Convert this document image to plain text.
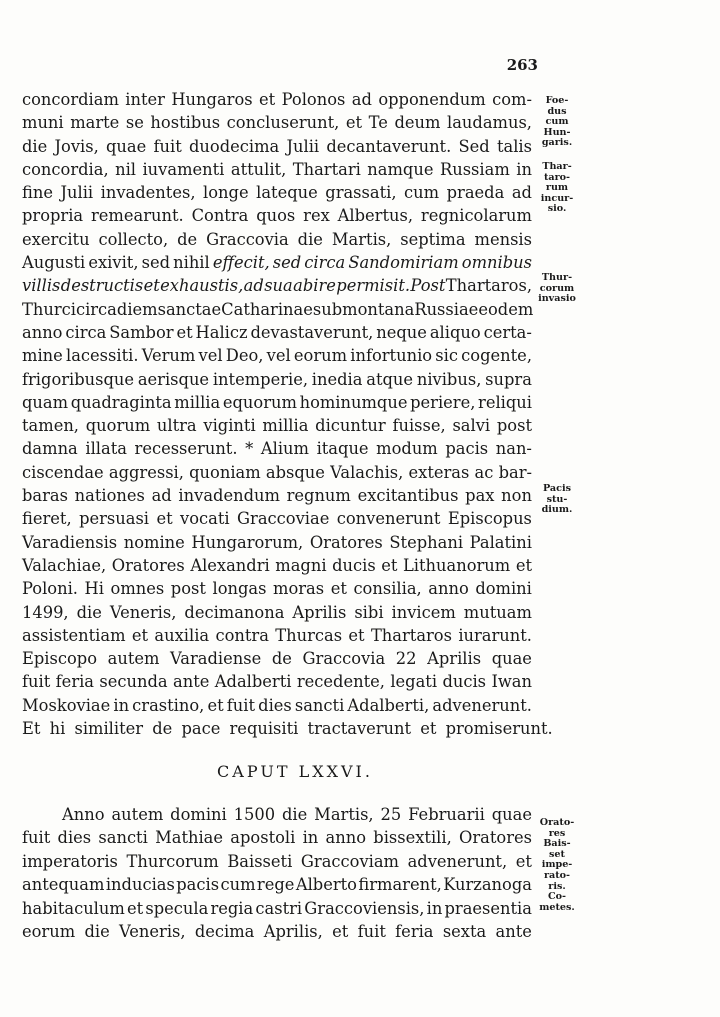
263
concordiam inter Hungaros et Polonos ad opponendum com-
muni marte se hostibus concluserunt, et Te deum laudamus,
die Jovis, quae fuit duodecima Julii decantaverunt. Sed talis
concordia, nil iuvamenti attulit, Thartari namque Russiam in
fine Julii invadentes, longe lateque grassati, cum praeda ad
propria remearunt. Contra quos rex Albertus, regnicolarum
exercitu collecto, de Graccovia die Martis, septima mensis
Augusti exivit, sed nihil effecit, sed circa Sandomiriam omnibus
villis destructis et exhaustis, ad sua abire permisit. Post Thartaros,
Thurci circa diem sanctae Catharinae submontana Russiae eodem
anno circa Sambor et Halicz devastaverunt, neque aliquo certa-
mine lacessiti. Verum vel Deo, vel eorum infortunio sic cogente,
frigoribusque aerisque intemperie, inedia atque nivibus, supra
quam quadraginta millia equorum hominumque periere, reliqui
tamen, quorum ultra viginti millia dicuntur fuisse, salvi post
damna illata recesserunt. * Alium itaque modum pacis nan-
ciscendae aggressi, quoniam absque Valachis, exteras ac bar-
baras nationes ad invadendum regnum excitantibus pax non
fieret, persuasi et vocati Graccoviae convenerunt Episcopus
Varadiensis nomine Hungarorum, Oratores Stephani Palatini
Valachiae, Oratores Alexandri magni ducis et Lithuanorum et
Poloni. Hi omnes post longas moras et consilia, anno domini
1499, die Veneris, decimanona Aprilis sibi invicem mutuam
assistentiam et auxilia contra Thurcas et Thartaros iurarunt.
Episcopo autem Varadiense de Graccovia 22 Aprilis quae
fuit feria secunda ante Adalberti recedente, legati ducis Iwan
Moskoviae in crastino, et fuit dies sancti Adalberti, advenerunt.
Et hi similiter de pace requisiti tractaverunt et promiserunt.
CAPUT LXXVI.
Anno autem domini 1500 die Martis, 25 Februarii quae
fuit dies sancti Mathiae apostoli in anno bissextili, Oratores
imperatoris Thurcorum Baisseti Graccoviam advenerunt, et
antequam inducias pacis cum rege Alberto firmarent, Kurzanoga
habitaculum et specula regia castri Graccoviensis, in praesentia
eorum die Veneris, decima Aprilis, et fuit feria sexta ante
Foe-
dus
cum
Hun-
garis.
Thar-
taro-
rum
incur-
sio.
Thur-
corum
invasio
Pacis
stu-
dium.
Orato-
res
Bais-
set
impe-
rato-
ris.
Co-
metes.
